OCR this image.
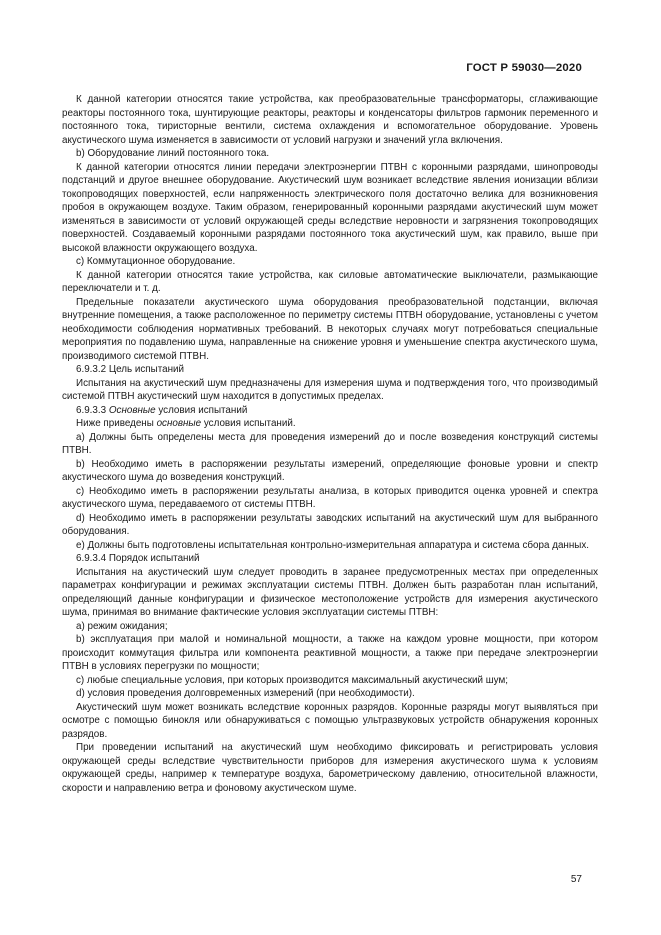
ГОСТ Р 59030—2020

К данной категории относятся такие устройства, как преобразовательные трансформаторы, сглаживающие реакторы постоянного тока, шунтирующие реакторы, реакторы и конденсаторы фильтров гармоник переменного и постоянного тока, тиристорные вентили, система охлаждения и вспомогательное оборудование. Уровень акустического шума изменяется в зависимости от условий нагрузки и значений угла включения.

b) Оборудование линий постоянного тока.

К данной категории относятся линии передачи электроэнергии ПТВН с коронными разрядами, шинопроводы подстанций и другое внешнее оборудование. Акустический шум возникает вследствие явления ионизации вблизи токопроводящих поверхностей, если напряженность электрического поля достаточно велика для возникновения пробоя в окружающем воздухе. Таким образом, генерированный коронными разрядами акустический шум может изменяться в зависимости от условий окружающей среды вследствие неровности и загрязнения токопроводящих поверхностей. Создаваемый коронными разрядами постоянного тока акустический шум, как правило, выше при высокой влажности окружающего воздуха.

c) Коммутационное оборудование.

К данной категории относятся такие устройства, как силовые автоматические выключатели, размыкающие переключатели и т. д.

Предельные показатели акустического шума оборудования преобразовательной подстанции, включая внутренние помещения, а также расположенное по периметру системы ПТВН оборудование, установлены с учетом необходимости соблюдения нормативных требований. В некоторых случаях могут потребоваться специальные мероприятия по подавлению шума, направленные на снижение уровня и уменьшение спектра акустического шума, производимого системой ПТВН.

6.9.3.2 Цель испытаний

Испытания на акустический шум предназначены для измерения шума и подтверждения того, что производимый системой ПТВН акустический шум находится в допустимых пределах.

6.9.3.3 Основные условия испытаний

Ниже приведены основные условия испытаний.

a) Должны быть определены места для проведения измерений до и после возведения конструкций системы ПТВН.

b) Необходимо иметь в распоряжении результаты измерений, определяющие фоновые уровни и спектр акустического шума до возведения конструкций.

c) Необходимо иметь в распоряжении результаты анализа, в которых приводится оценка уровней и спектра акустического шума, передаваемого от системы ПТВН.

d) Необходимо иметь в распоряжении результаты заводских испытаний на акустический шум для выбранного оборудования.

e) Должны быть подготовлены испытательная контрольно-измерительная аппаратура и система сбора данных.

6.9.3.4 Порядок испытаний

Испытания на акустический шум следует проводить в заранее предусмотренных местах при определенных параметрах конфигурации и режимах эксплуатации системы ПТВН. Должен быть разработан план испытаний, определяющий данные конфигурации и физическое местоположение устройств для измерения акустического шума, принимая во внимание фактические условия эксплуатации системы ПТВН:

a) режим ожидания;

b) эксплуатация при малой и номинальной мощности, а также на каждом уровне мощности, при котором происходит коммутация фильтра или компонента реактивной мощности, а также при передаче электроэнергии ПТВН в условиях перегрузки по мощности;

c) любые специальные условия, при которых производится максимальный акустический шум;

d) условия проведения долговременных измерений (при необходимости).

Акустический шум может возникать вследствие коронных разрядов. Коронные разряды могут выявляться при осмотре с помощью бинокля или обнаруживаться с помощью ультразвуковых устройств обнаружения коронных разрядов.

При проведении испытаний на акустический шум необходимо фиксировать и регистрировать условия окружающей среды вследствие чувствительности приборов для измерения акустического шума к условиям окружающей среды, например к температуре воздуха, барометрическому давлению, относительной влажности, скорости и направлению ветра и фоновому акустическом шуме.

57
